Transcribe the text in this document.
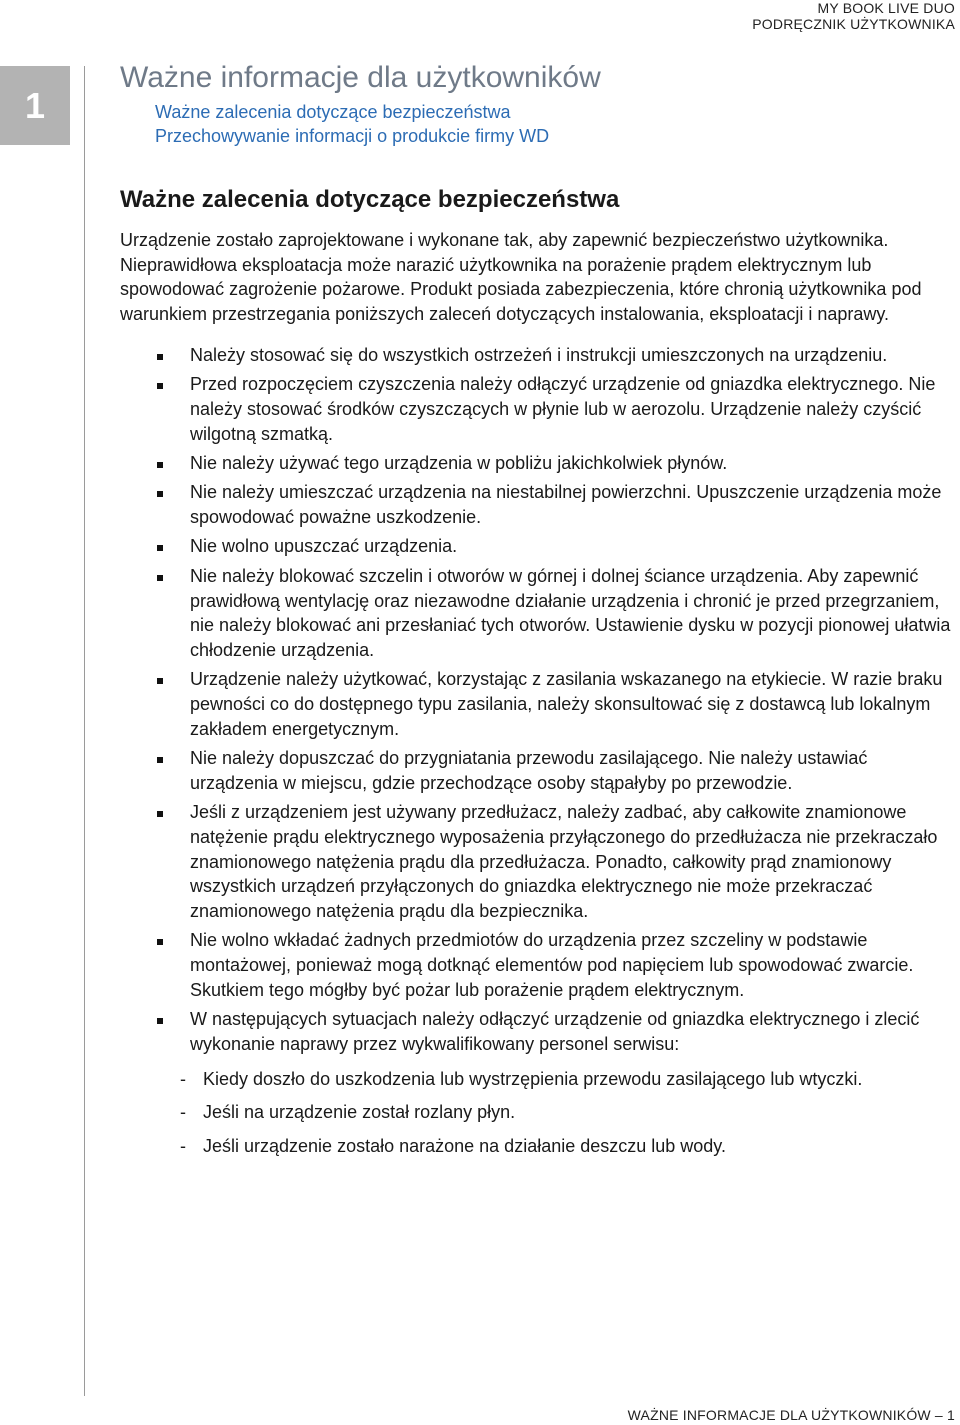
MY BOOK LIVE DUO
PODRĘCZNIK UŻYTKOWNIKA
1
Ważne informacje dla użytkowników
Ważne zalecenia dotyczące bezpieczeństwa
Przechowywanie informacji o produkcie firmy WD
Ważne zalecenia dotyczące bezpieczeństwa

Urządzenie zostało zaprojektowane i wykonane tak, aby zapewnić bezpieczeństwo użytkownika. Nieprawidłowa eksploatacja może narazić użytkownika na porażenie prądem elektrycznym lub spowodować zagrożenie pożarowe. Produkt posiada zabezpieczenia, które chronią użytkownika pod warunkiem przestrzegania poniższych zaleceń dotyczących instalowania, eksploatacji i naprawy.

Należy stosować się do wszystkich ostrzeżeń i instrukcji umieszczonych na urządzeniu.
Przed rozpoczęciem czyszczenia należy odłączyć urządzenie od gniazdka elektrycznego. Nie należy stosować środków czyszczących w płynie lub w aerozolu. Urządzenie należy czyścić wilgotną szmatką.
Nie należy używać tego urządzenia w pobliżu jakichkolwiek płynów.
Nie należy umieszczać urządzenia na niestabilnej powierzchni. Upuszczenie urządzenia może spowodować poważne uszkodzenie.
Nie wolno upuszczać urządzenia.
Nie należy blokować szczelin i otworów w górnej i dolnej ściance urządzenia. Aby zapewnić prawidłową wentylację oraz niezawodne działanie urządzenia i chronić je przed przegrzaniem, nie należy blokować ani przesłaniać tych otworów. Ustawienie dysku w pozycji pionowej ułatwia chłodzenie urządzenia.
Urządzenie należy użytkować, korzystając z zasilania wskazanego na etykiecie. W razie braku pewności co do dostępnego typu zasilania, należy skonsultować się z dostawcą lub lokalnym zakładem energetycznym.
Nie należy dopuszczać do przygniatania przewodu zasilającego. Nie należy ustawiać urządzenia w miejscu, gdzie przechodzące osoby stąpałyby po przewodzie.
Jeśli z urządzeniem jest używany przedłużacz, należy zadbać, aby całkowite znamionowe natężenie prądu elektrycznego wyposażenia przyłączonego do przedłużacza nie przekraczało znamionowego natężenia prądu dla przedłużacza. Ponadto, całkowity prąd znamionowy wszystkich urządzeń przyłączonych do gniazdka elektrycznego nie może przekraczać znamionowego natężenia prądu dla bezpiecznika.
Nie wolno wkładać żadnych przedmiotów do urządzenia przez szczeliny w podstawie montażowej, ponieważ mogą dotknąć elementów pod napięciem lub spowodować zwarcie. Skutkiem tego mógłby być pożar lub porażenie prądem elektrycznym.
W następujących sytuacjach należy odłączyć urządzenie od gniazdka elektrycznego i zlecić wykonanie naprawy przez wykwalifikowany personel serwisu:
- Kiedy doszło do uszkodzenia lub wystrzępienia przewodu zasilającego lub wtyczki.
- Jeśli na urządzenie został rozlany płyn.
- Jeśli urządzenie zostało narażone na działanie deszczu lub wody.
WAŻNE INFORMACJE DLA UŻYTKOWNIKÓW – 1
